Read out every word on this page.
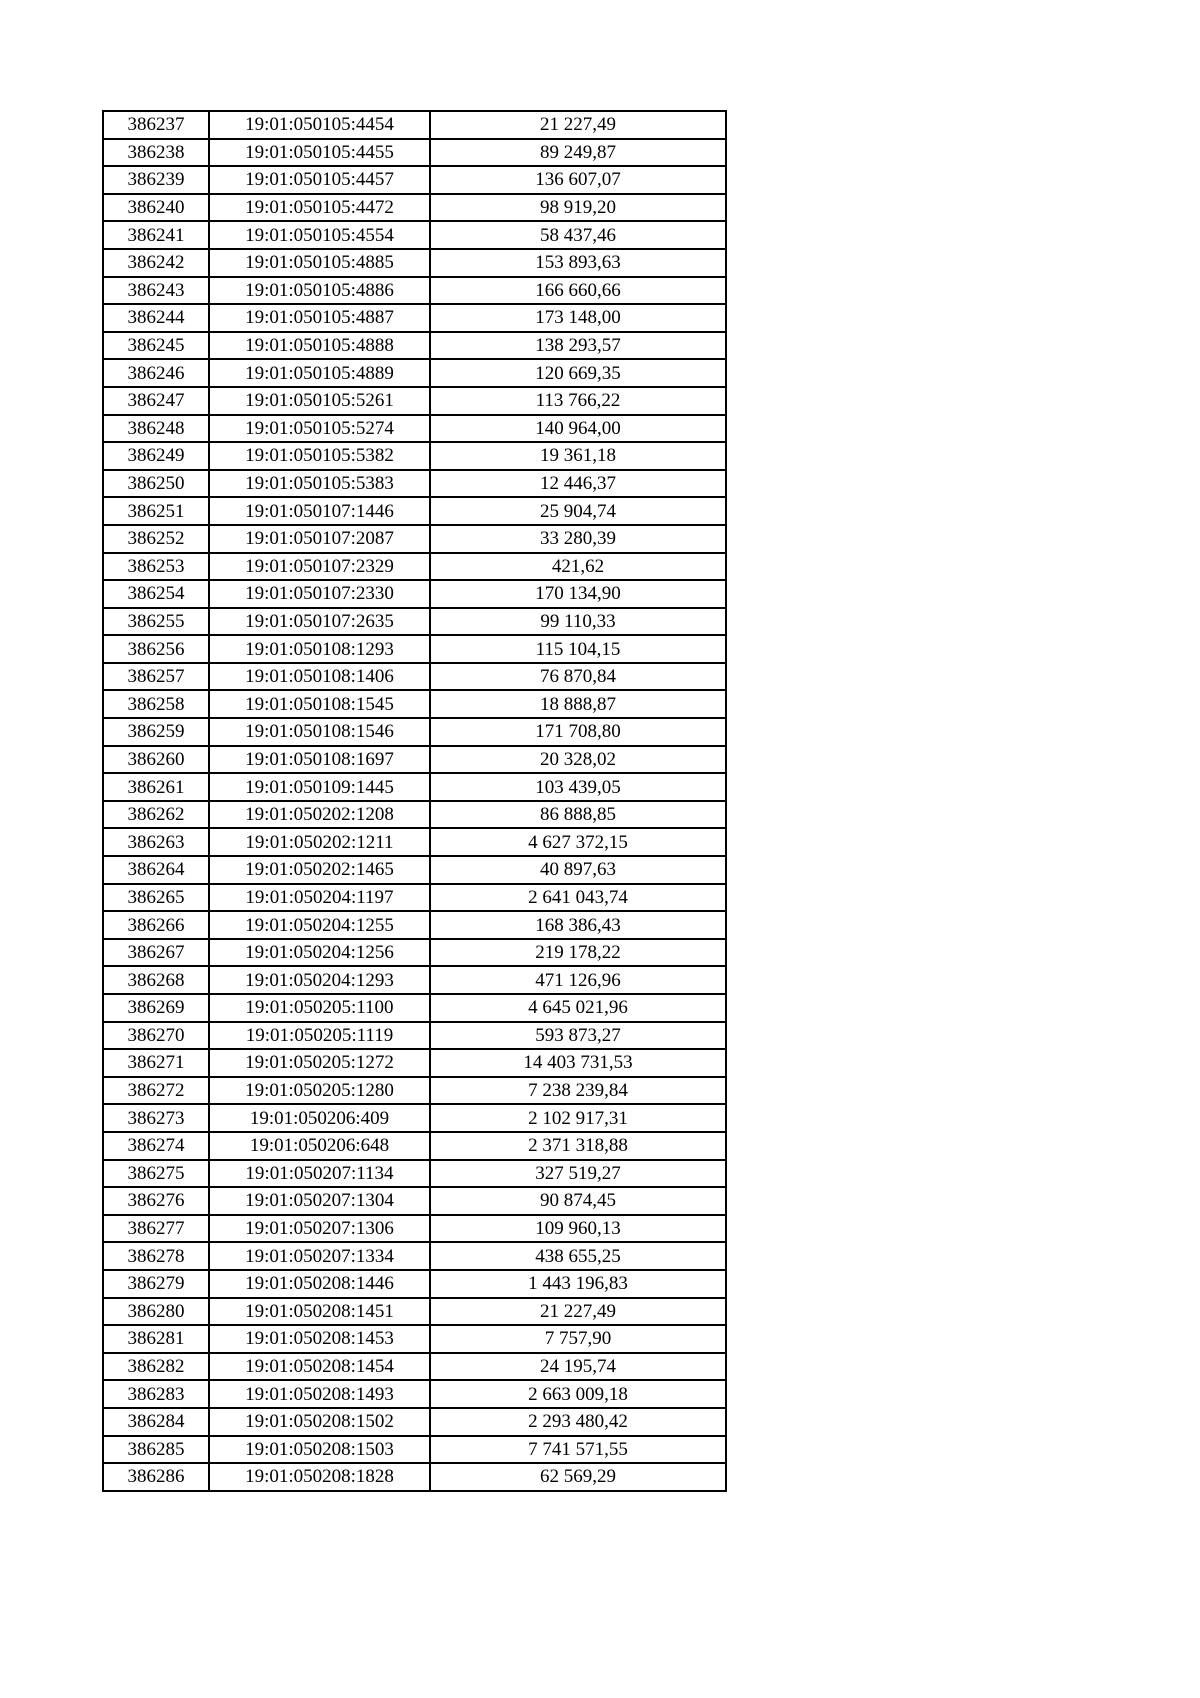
386237	19:01:050105:4454	21 227,49
386238	19:01:050105:4455	89 249,87
386239	19:01:050105:4457	136 607,07
386240	19:01:050105:4472	98 919,20
386241	19:01:050105:4554	58 437,46
386242	19:01:050105:4885	153 893,63
386243	19:01:050105:4886	166 660,66
386244	19:01:050105:4887	173 148,00
386245	19:01:050105:4888	138 293,57
386246	19:01:050105:4889	120 669,35
386247	19:01:050105:5261	113 766,22
386248	19:01:050105:5274	140 964,00
386249	19:01:050105:5382	19 361,18
386250	19:01:050105:5383	12 446,37
386251	19:01:050107:1446	25 904,74
386252	19:01:050107:2087	33 280,39
386253	19:01:050107:2329	421,62
386254	19:01:050107:2330	170 134,90
386255	19:01:050107:2635	99 110,33
386256	19:01:050108:1293	115 104,15
386257	19:01:050108:1406	76 870,84
386258	19:01:050108:1545	18 888,87
386259	19:01:050108:1546	171 708,80
386260	19:01:050108:1697	20 328,02
386261	19:01:050109:1445	103 439,05
386262	19:01:050202:1208	86 888,85
386263	19:01:050202:1211	4 627 372,15
386264	19:01:050202:1465	40 897,63
386265	19:01:050204:1197	2 641 043,74
386266	19:01:050204:1255	168 386,43
386267	19:01:050204:1256	219 178,22
386268	19:01:050204:1293	471 126,96
386269	19:01:050205:1100	4 645 021,96
386270	19:01:050205:1119	593 873,27
386271	19:01:050205:1272	14 403 731,53
386272	19:01:050205:1280	7 238 239,84
386273	19:01:050206:409	2 102 917,31
386274	19:01:050206:648	2 371 318,88
386275	19:01:050207:1134	327 519,27
386276	19:01:050207:1304	90 874,45
386277	19:01:050207:1306	109 960,13
386278	19:01:050207:1334	438 655,25
386279	19:01:050208:1446	1 443 196,83
386280	19:01:050208:1451	21 227,49
386281	19:01:050208:1453	7 757,90
386282	19:01:050208:1454	24 195,74
386283	19:01:050208:1493	2 663 009,18
386284	19:01:050208:1502	2 293 480,42
386285	19:01:050208:1503	7 741 571,55
386286	19:01:050208:1828	62 569,29
